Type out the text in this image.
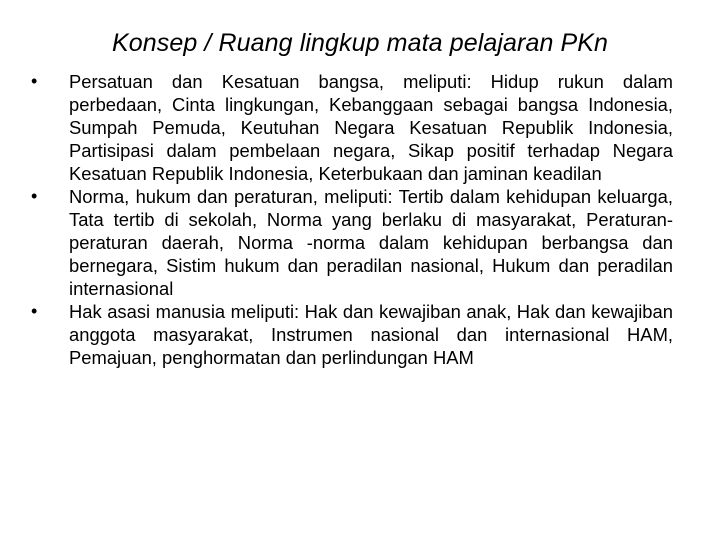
Konsep / Ruang lingkup mata pelajaran PKn
•	Persatuan dan Kesatuan bangsa, meliputi: Hidup rukun dalam perbedaan, Cinta lingkungan, Kebanggaan sebagai bangsa Indonesia, Sumpah Pemuda, Keutuhan Negara Kesatuan Republik Indonesia, Partisipasi dalam pembelaan negara, Sikap positif terhadap Negara Kesatuan Republik Indonesia, Keterbukaan dan jaminan keadilan
•	Norma, hukum dan peraturan, meliputi: Tertib dalam kehidupan keluarga, Tata tertib di sekolah, Norma yang berlaku di masyarakat, Peraturan-peraturan daerah, Norma -norma dalam kehidupan berbangsa dan bernegara, Sistim hukum dan peradilan nasional, Hukum dan peradilan internasional
•	Hak asasi manusia meliputi: Hak dan kewajiban anak, Hak dan kewajiban anggota masyarakat, Instrumen nasional dan internasional HAM, Pemajuan, penghormatan dan perlindungan HAM
